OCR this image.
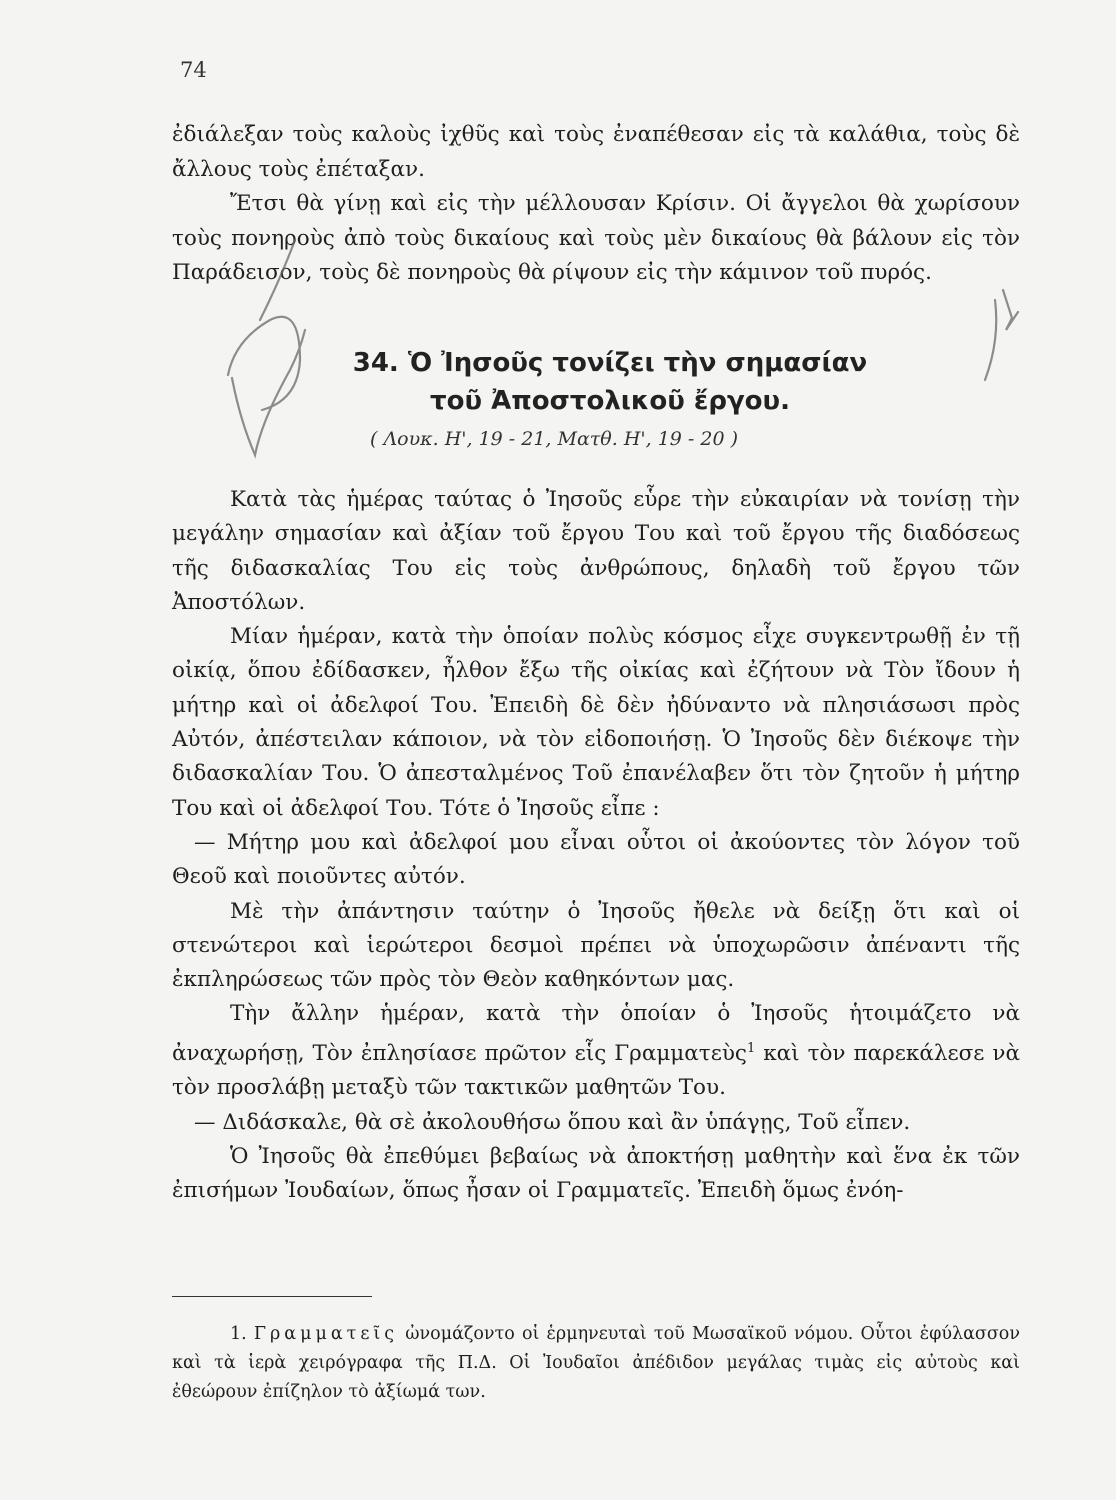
74

ἐδιάλεξαν τοὺς καλοὺς ἰχθῦς καὶ τοὺς ἐναπέθεσαν εἰς τὰ καλάθια, τοὺς δὲ ἄλλους τοὺς ἐπέταξαν.

Ἔτσι θὰ γίνῃ καὶ εἰς τὴν μέλλουσαν Κρίσιν. Οἱ ἄγγελοι θὰ χωρίσουν τοὺς πονηροὺς ἀπὸ τοὺς δικαίους καὶ τοὺς μὲν δικαίους θὰ βάλουν εἰς τὸν Παράδεισον, τοὺς δὲ πονηροὺς θὰ ρίψουν εἰς τὴν κάμινον τοῦ πυρός.

34. Ὁ Ἰησοῦς τονίζει τὴν σημασίαν
τοῦ Ἀποστολικοῦ ἔργου.
( Λουκ. Η', 19 - 21, Ματθ. Η', 19 - 20 )

Κατὰ τὰς ἡμέρας ταύτας ὁ Ἰησοῦς εὗρε τὴν εὐκαιρίαν νὰ τονίσῃ τὴν μεγάλην σημασίαν καὶ ἀξίαν τοῦ ἔργου Του καὶ τοῦ ἔργου τῆς διαδόσεως τῆς διδασκαλίας Του εἰς τοὺς ἀνθρώπους, δηλαδὴ τοῦ ἔργου τῶν Ἀποστόλων.

Μίαν ἡμέραν, κατὰ τὴν ὁποίαν πολὺς κόσμος εἶχε συγκεντρωθῇ ἐν τῇ οἰκίᾳ, ὅπου ἐδίδασκεν, ἦλθον ἔξω τῆς οἰκίας καὶ ἐζήτουν νὰ Τὸν ἴδουν ἡ μήτηρ καὶ οἱ ἀδελφοί Του. Ἐπειδὴ δὲ δὲν ἠδύναντο νὰ πλησιάσωσι πρὸς Αὐτόν, ἀπέστειλαν κάποιον, νὰ τὸν εἰδοποιήσῃ. Ὁ Ἰησοῦς δὲν διέκοψε τὴν διδασκαλίαν Του. Ὁ ἀπεσταλμένος Τοῦ ἐπανέλαβεν ὅτι τὸν ζητοῦν ἡ μήτηρ Του καὶ οἱ ἀδελφοί Του. Τότε ὁ Ἰησοῦς εἶπε :

— Μήτηρ μου καὶ ἀδελφοί μου εἶναι οὗτοι οἱ ἀκούοντες τὸν λόγον τοῦ Θεοῦ καὶ ποιοῦντες αὐτόν.

Μὲ τὴν ἀπάντησιν ταύτην ὁ Ἰησοῦς ἤθελε νὰ δείξῃ ὅτι καὶ οἱ στενώτεροι καὶ ἱερώτεροι δεσμοὶ πρέπει νὰ ὑποχωρῶσιν ἀπέναντι τῆς ἐκπληρώσεως τῶν πρὸς τὸν Θεὸν καθηκόντων μας.

Τὴν ἄλλην ἡμέραν, κατὰ τὴν ὁποίαν ὁ Ἰησοῦς ἡτοιμάζετο νὰ ἀναχωρήσῃ, Τὸν ἐπλησίασε πρῶτον εἷς Γραμματεὺς$^1$ καὶ τὸν παρεκάλεσε νὰ τὸν προσλάβῃ μεταξὺ τῶν τακτικῶν μαθητῶν Του.

— Διδάσκαλε, θὰ σὲ ἀκολουθήσω ὅπου καὶ ἂν ὑπάγῃς, Τοῦ εἶπεν.

Ὁ Ἰησοῦς θὰ ἐπεθύμει βεβαίως νὰ ἀποκτήσῃ μαθητὴν καὶ ἕνα ἐκ τῶν ἐπισήμων Ἰουδαίων, ὅπως ἦσαν οἱ Γραμματεῖς. Ἐπειδὴ ὅμως ἐνόη-

1. Γραμματεῖς ὠνομάζοντο οἱ ἑρμηνευταὶ τοῦ Μωσαϊκοῦ νόμου. Οὗτοι ἐφύλασσον καὶ τὰ ἱερὰ χειρόγραφα τῆς Π.Δ. Οἱ Ἰουδαῖοι ἀπέδιδον μεγάλας τιμὰς εἰς αὐτοὺς καὶ ἐθεώρουν ἐπίζηλον τὸ ἀξίωμά των.
